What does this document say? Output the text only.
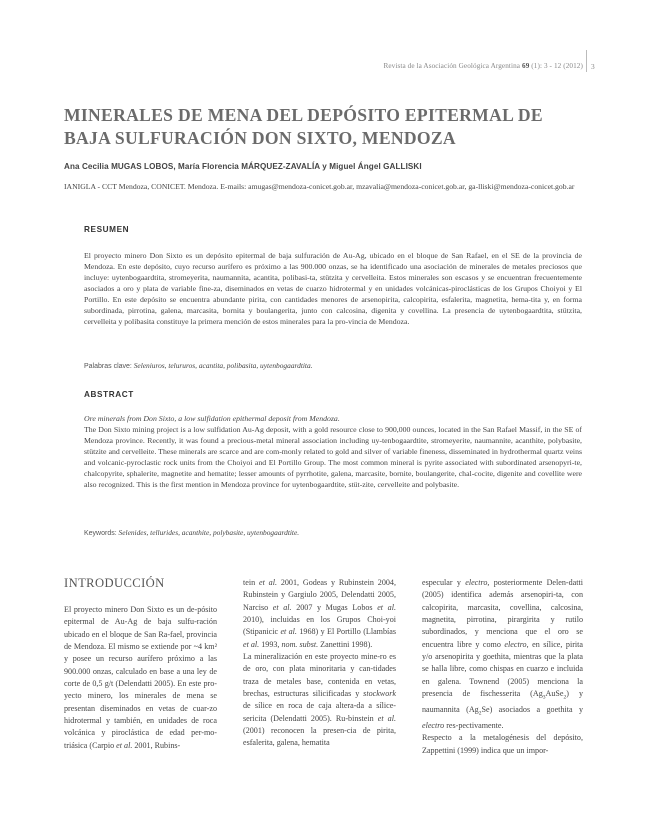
Revista de la Asociación Geológica Argentina 69 (1): 3 - 12 (2012) 3
MINERALES DE MENA DEL DEPÓSITO EPITERMAL DE BAJA SULFURACIÓN DON SIXTO, MENDOZA
Ana Cecilia MUGAS LOBOS, María Florencia MÁRQUEZ-ZAVALÍA y Miguel Ángel GALLISKI
IANIGLA - CCT Mendoza, CONICET. Mendoza. E-mails: amugas@mendoza-conicet.gob.ar, mzavalia@mendoza-conicet.gob.ar, ga-lliski@mendoza-conicet.gob.ar
RESUMEN

El proyecto minero Don Sixto es un depósito epitermal de baja sulfuración de Au-Ag, ubicado en el bloque de San Rafael, en el SE de la provincia de Mendoza. En este depósito, cuyo recurso aurífero es próximo a las 900.000 onzas, se ha identificado una asociación de minerales de metales preciosos que incluye: uytenbogaardtita, stromeyerita, naumannita, acantita, polibasi-ta, stützita y cervelleita. Estos minerales son escasos y se encuentran frecuentemente asociados a oro y plata de variable fine-za, diseminados en vetas de cuarzo hidrotermal y en unidades volcánicas-piroclásticas de los Grupos Choiyoi y El Portillo. En este depósito se encuentra abundante pirita, con cantidades menores de arsenopirita, calcopirita, esfalerita, magnetita, hema-tita y, en forma subordinada, pirrotina, galena, marcasita, bornita y boulangerita, junto con calcosina, digenita y covellina. La presencia de uytenbogaardtita, stützita, cervelleita y polibasita constituye la primera mención de estos minerales para la pro-vincia de Mendoza.

Palabras clave: Seleniuros, telururos, acantita, polibasita, uytenbogaardtita.
ABSTRACT

Ore minerals from Don Sixto, a low sulfidation epithermal deposit from Mendoza.

The Don Sixto mining project is a low sulfidation Au-Ag deposit, with a gold resource close to 900,000 ounces, located in the San Rafael Massif, in the SE of Mendoza province. Recently, it was found a precious-metal mineral association including uy-tenbogaardtite, stromeyerite, naumannite, acanthite, polybasite, stützite and cervelleite. These minerals are scarce and are com-monly related to gold and silver of variable fineness, disseminated in hydrothermal quartz veins and volcanic-pyroclastic rock units from the Choiyoi and El Portillo Group. The most common mineral is pyrite associated with subordinated arsenopyri-te, chalcopyrite, sphalerite, magnetite and hematite; lesser amounts of pyrrhotite, galena, marcasite, bornite, boulangerite, chal-cocite, digenite and covellite were also recognized. This is the first mention in Mendoza province for uytenbogaardtite, stüt-zite, cervelleite and polybasite.

Keywords: Selenides, tellurides, acanthite, polybasite, uytenbogaardtite.
INTRODUCCIÓN

El proyecto minero Don Sixto es un de-pósito epitermal de Au-Ag de baja sulfu-ración ubicado en el bloque de San Ra-fael, provincia de Mendoza. El mismo se extiende por ~4 km² y posee un recurso aurífero próximo a las 900.000 onzas, calculado en base a una ley de corte de 0,5 g/t (Delendatti 2005). En este pro-yecto minero, los minerales de mena se presentan diseminados en vetas de cuar-zo hidrotermal y también, en unidades de roca volcánica y piroclástica de edad per-mo-triásica (Carpio et al. 2001, Rubins-

tein et al. 2001, Godeas y Rubinstein 2004, Rubinstein y Gargiulo 2005, Delendatti 2005, Narciso et al. 2007 y Mugas Lobos et al. 2010), incluidas en los Grupos Choi-yoi (Stipanicic et al. 1968) y El Portillo (Llambías et al. 1993, nom. subst. Zanettini 1998).

La mineralización en este proyecto mine-ro es de oro, con plata minoritaria y can-tidades traza de metales base, contenida en vetas, brechas, estructuras silicificadas y stockwork de sílice en roca de caja altera-da a sílice-sericita (Delendatti 2005). Ru-binstein et al. (2001) reconocen la presen-cia de pirita, esfalerita, galena, hematita

especular y electro, posteriormente Delen-datti (2005) identifica además arsenopiri-ta, con calcopirita, marcasita, covellina, calcosina, magnetita, pirrotina, pirargirita y rutilo subordinados, y menciona que el oro se encuentra libre y como electro, en sílice, pirita y/o arsenopirita y goethita, mientras que la plata se halla libre, como chispas en cuarzo e incluida en galena. Townend (2005) menciona la presencia de fischesserita $(Ag_3AuSe_2)$ y naumannita $(Ag_2Se)$ asociados a goethita y electro res-pectivamente.

Respecto a la metalogénesis del depósito, Zappettini (1999) indica que un impor-
